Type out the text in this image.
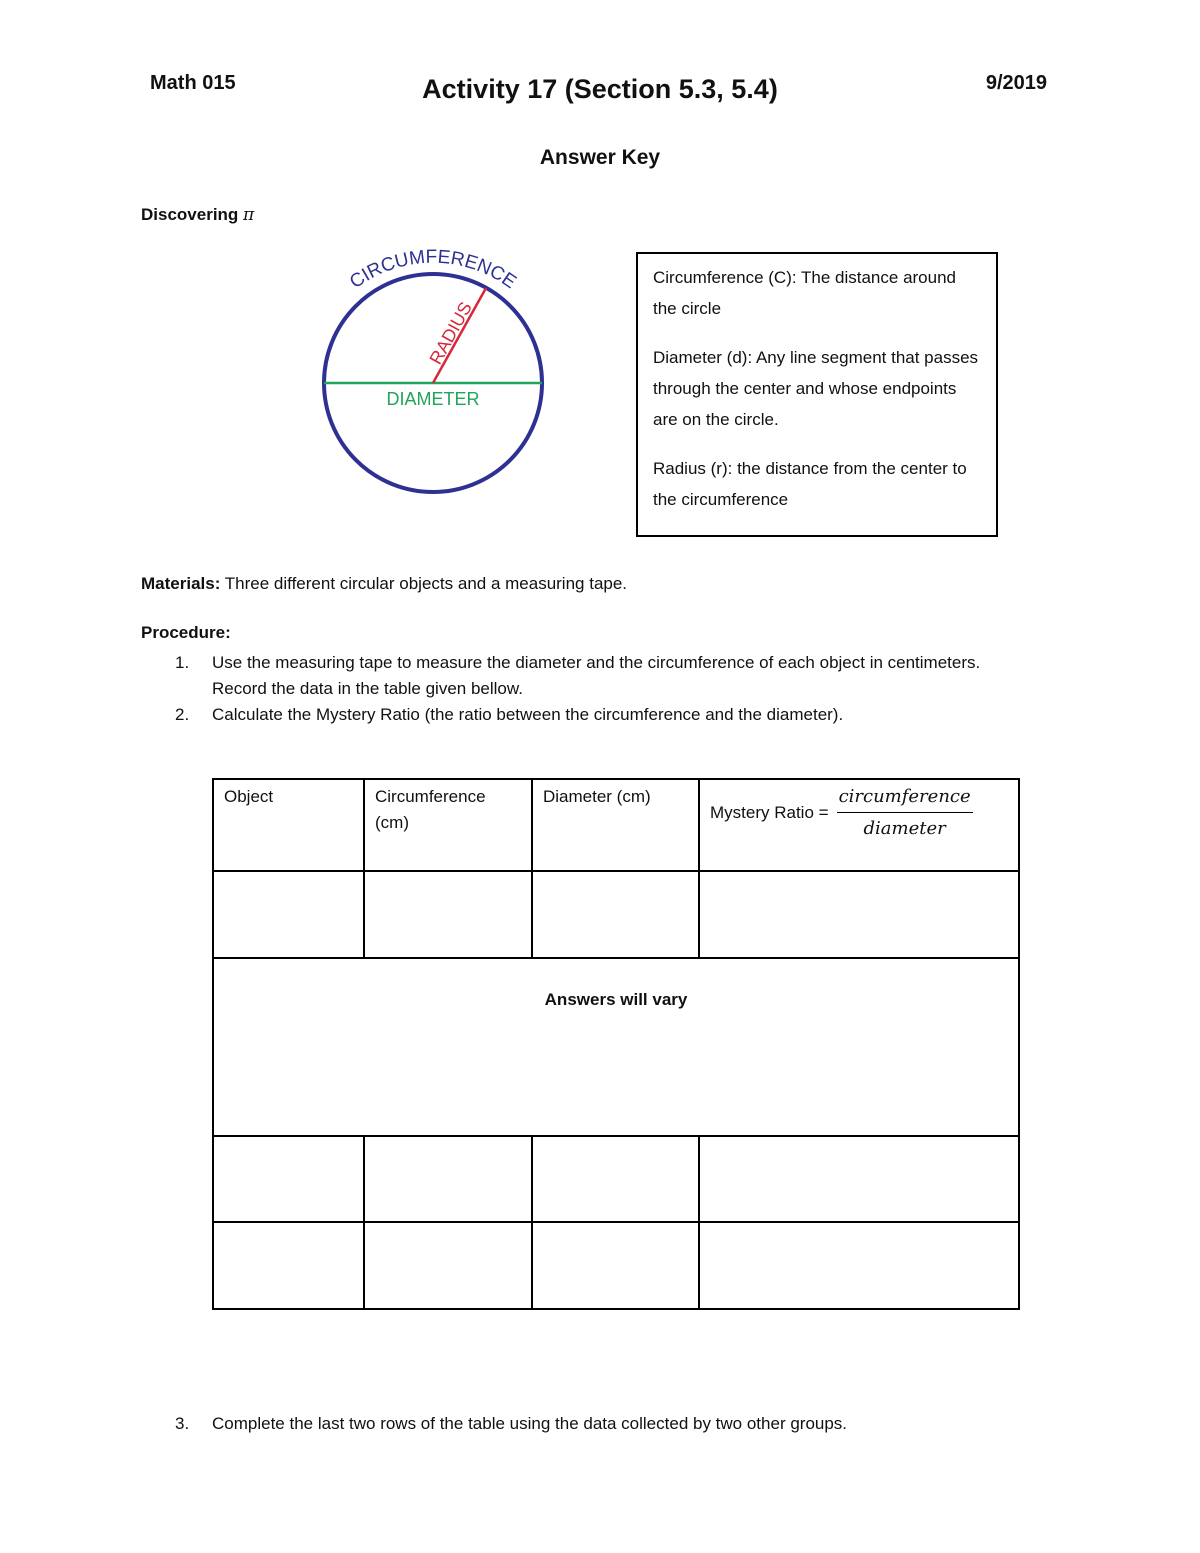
Math 015	Activity 17 (Section 5.3, 5.4)	9/2019
Answer Key
Discovering π
CIRCUMFERENCE
RADIUS
DIAMETER

Circumference (C): The distance around the circle

Diameter (d): Any line segment that passes through the center and whose endpoints are on the circle.

Radius (r): the distance from the center to the circumference

Materials: Three different circular objects and a measuring tape.
Procedure:
1.	Use the measuring tape to measure the diameter and the circumference of each object in centimeters. Record the data in the table given bellow.
2.	Calculate the Mystery Ratio (the ratio between the circumference and the diameter).
Object	Circumference (cm)	Diameter (cm)	Mystery Ratio = $\frac{\text{circumference}}{\text{diameter}}$

Answers will vary			

3.	Complete the last two rows of the table using the data collected by two other groups.
